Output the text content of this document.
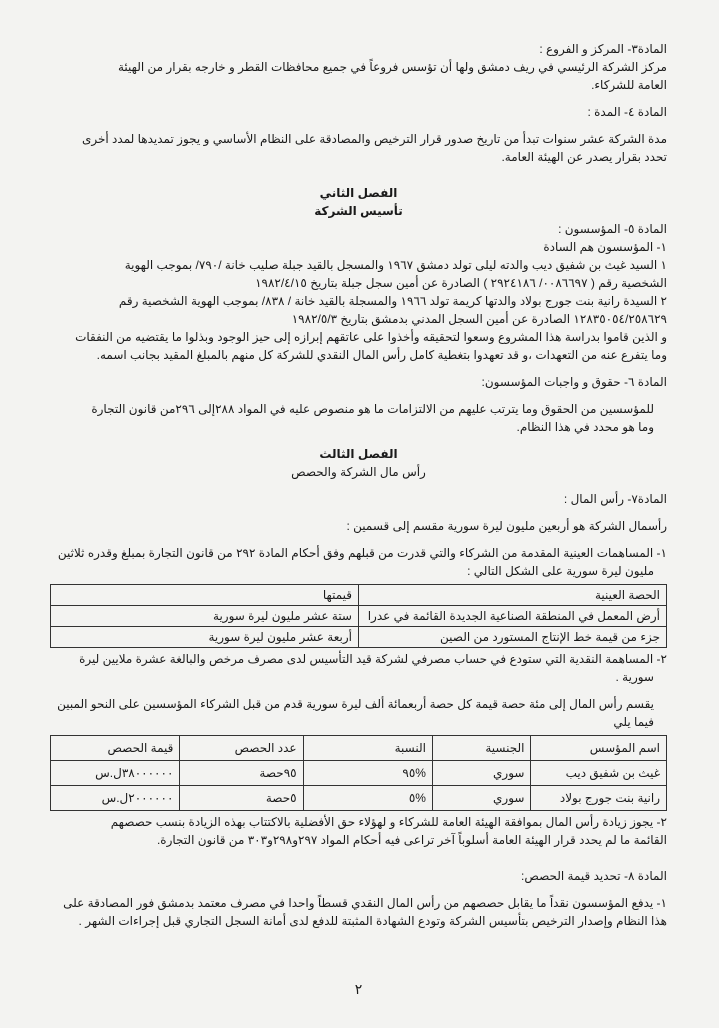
المادة٣- المركز و الفروع :
مركز الشركة الرئيسي في ريف دمشق ولها أن تؤسس فروعاً في جميع محافظات القطر و خارجه بقرار من الهيئة
العامة للشركاء.
المادة ٤- المدة :
مدة الشركة عشر سنوات تبدأ من تاريخ صدور قرار الترخيص والمصادقة على النظام الأساسي و يجوز تمديدها لمدد أخرى
تحدد بقرار يصدر عن الهيئة العامة.
الفصل الثاني
تأسيس الشركة
المادة ٥- المؤسسون :
١- المؤسسون هم السادة
١ السيد غيث بن شفيق ديب والدته ليلى تولد دمشق ١٩٦٧ والمسجل بالقيد جبلة صليب خانة /٧٩٠/ بموجب الهوية
الشخصية رقم ( ٠٠٨٦٦٩٧/ ٢٩٢٤١٨٦ ) الصادرة عن أمين سجل جبلة بتاريخ ١٩٨٢/٤/١٥
٢ السيدة رانية بنت جورج بولاد والدتها كريمة تولد ١٩٦٦ والمسجلة بالقيد خانة / ٨٣٨/ بموجب الهوية الشخصية رقم
١٢٨٣٥٠٥٤/٢٥٨٦٢٩ الصادرة عن أمين السجل المدني بدمشق بتاريخ ١٩٨٢/٥/٣
و الذين قاموا بدراسة هذا المشروع وسعوا لتحقيقه وأخذوا على عاتقهم إبرازه إلى حيز الوجود وبذلوا ما يقتضيه من النفقات
وما يتفرع عنه من التعهدات ،و قد تعهدوا بتغطية كامل رأس المال النقدي للشركة كل منهم بالمبلغ المقيد بجانب اسمه.
المادة ٦- حقوق و واجبات المؤسسون:
للمؤسسين من الحقوق وما يترتب عليهم من الالتزامات ما هو منصوص عليه في المواد ٢٨٨إلى ٢٩٦من قانون التجارة
وما هو محدد في هذا النظام.
الفصل الثالث
رأس مال الشركة والحصص
المادة٧- رأس المال :
رأسمال الشركة هو أربعين مليون ليرة سورية مقسم إلى قسمين :
١- المساهمات العينية المقدمة من الشركاء والتي قدرت من قبلهم وفق أحكام المادة ٢٩٢ من قانون التجارة بمبلغ وقدره ثلاثين
مليون ليرة سورية على الشكل التالي :
الحصة العينية	قيمتها
أرض المعمل في المنطقة الصناعية الجديدة القائمة في عدرا	ستة عشر مليون ليرة سورية
جزء من قيمة خط الإنتاج المستورد من الصين	أربعة عشر مليون ليرة سورية
٢- المساهمة النقدية التي ستودع في حساب مصرفي لشركة قيد التأسيس لدى مصرف مرخص والبالغة عشرة ملايين ليرة
سورية .
يقسم رأس المال إلى مئة حصة قيمة كل حصة أربعمائة ألف ليرة سورية قدم من قبل الشركاء المؤسسين على النحو المبين
فيما يلي
اسم المؤسس	الجنسية	النسبة	عدد الحصص	قيمة الحصص
غيث بن شفيق ديب	سوري	%٩٥	٩٥حصة	٣٨٠٠٠٠٠٠ل.س
رانية بنت جورج بولاد	سوري	%٥	٥حصة	٢٠٠٠٠٠٠ل.س
٢- يجوز زيادة رأس المال بموافقة الهيئة العامة للشركاء و لهؤلاء حق الأفضلية بالاكتتاب بهذه الزيادة بنسب حصصهم
القائمة ما لم يحدد قرار الهيئة العامة أسلوباً آخر تراعى فيه أحكام المواد ٢٩٧و٢٩٨و٣٠٣ من قانون التجارة.
المادة ٨- تحديد قيمة الحصص:
١- يدفع المؤسسون نقداً ما يقابل حصصهم من رأس المال النقدي قسطاً واحدا في مصرف معتمد بدمشق فور المصادقة على
هذا النظام وإصدار الترخيص بتأسيس الشركة وتودع الشهادة المثبتة للدفع لدى أمانة السجل التجاري قبل إجراءات الشهر .
٢
